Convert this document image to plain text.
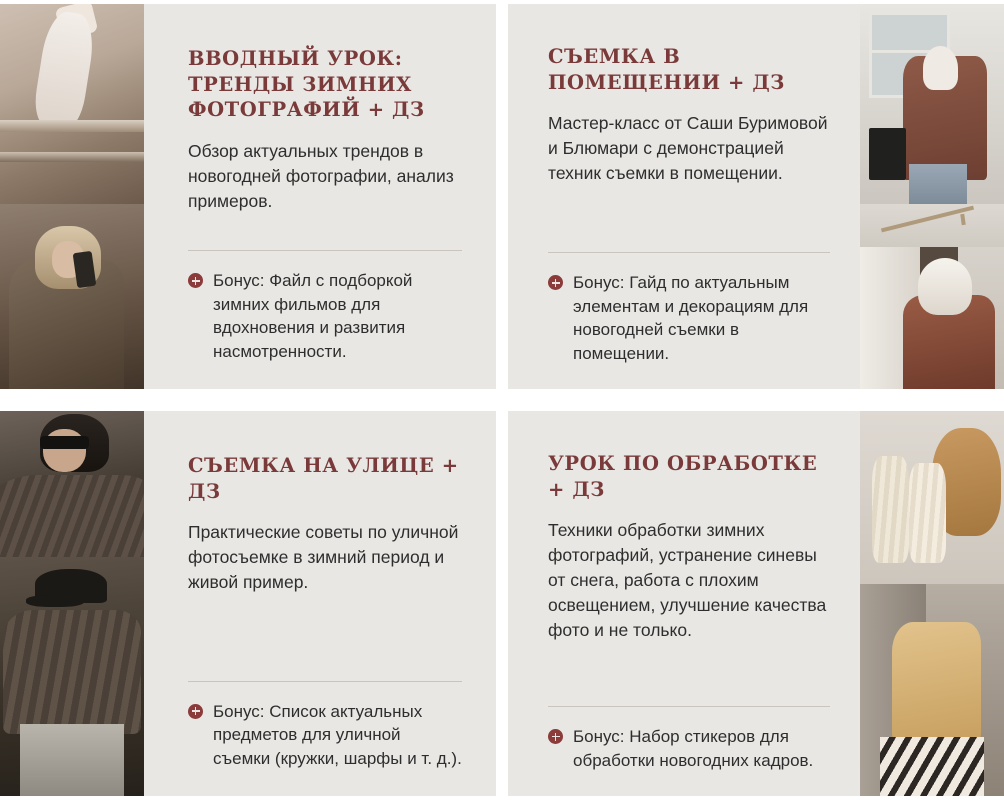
ВВОДНЫЙ УРОК: ТРЕНДЫ ЗИМНИХ ФОТОГРАФИЙ + ДЗ

Обзор актуальных трендов в новогодней фотографии, анализ примеров.

Бонус: Файл с подборкой зимних фильмов для вдохновения и развития насмотренности.
СЪЕМКА В ПОМЕЩЕНИИ + ДЗ

Мастер-класс от Саши Буримовой и Блюмари с демонстрацией техник съемки в помещении.

Бонус: Гайд по актуальным элементам и декорациям для новогодней съемки в помещении.
СЪЕМКА НА УЛИЦЕ + ДЗ

Практические советы по уличной фотосъемке в зимний период и живой пример.

Бонус: Список актуальных предметов для уличной съемки (кружки, шарфы и т. д.).
УРОК ПО ОБРАБОТКЕ + ДЗ

Техники обработки зимних фотографий, устранение синевы от снега, работа с плохим освещением, улучшение качества фото и не только.

Бонус: Набор стикеров для обработки новогодних кадров.
